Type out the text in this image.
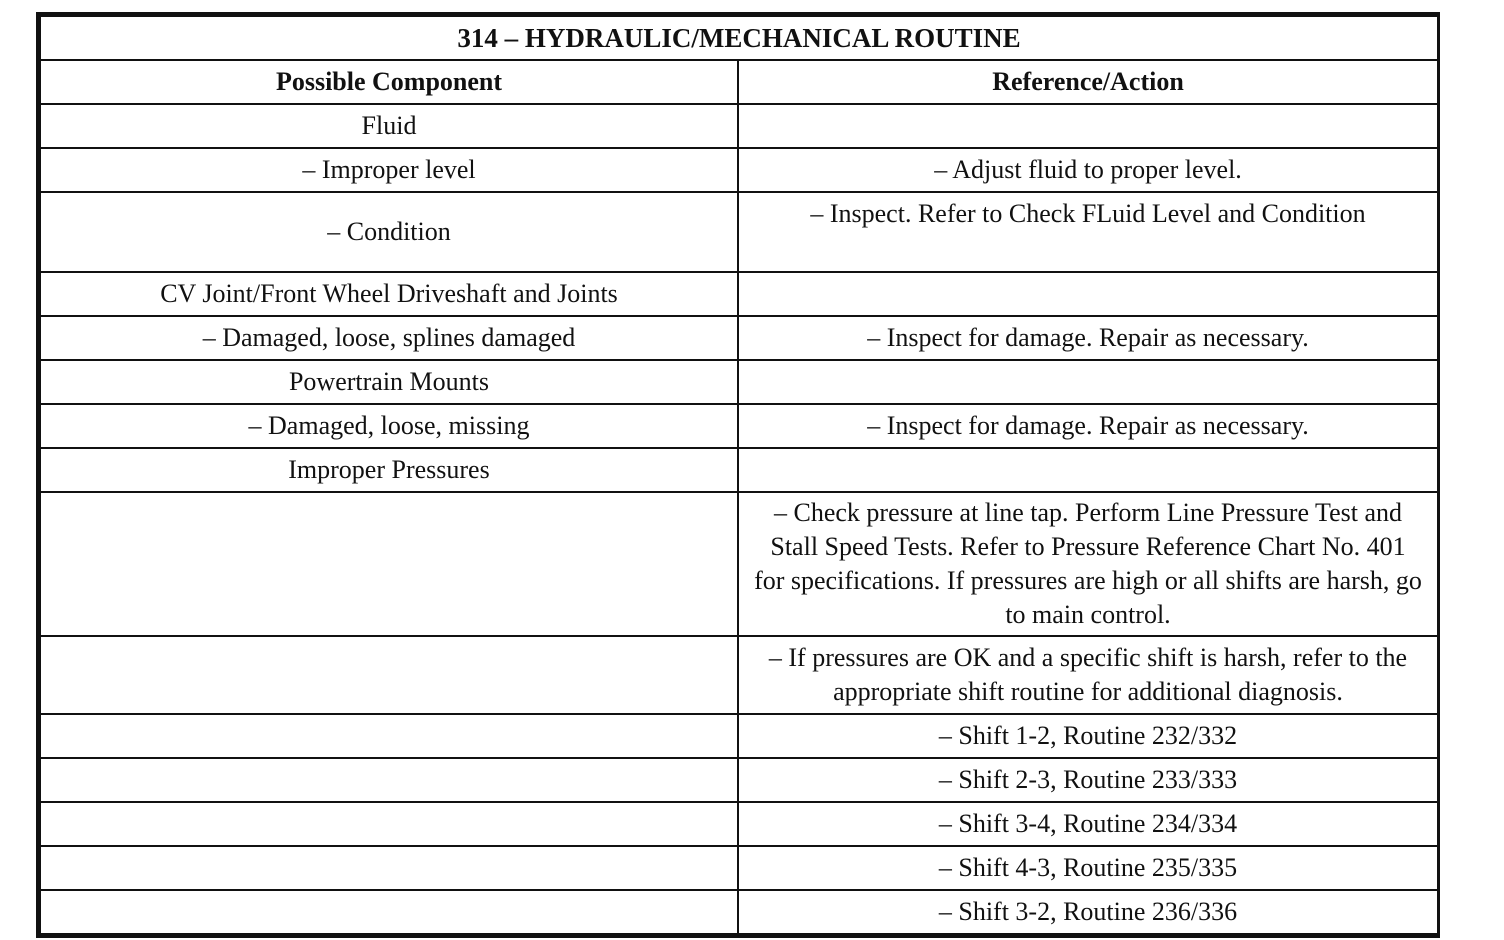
314 – HYDRAULIC/MECHANICAL ROUTINE	
Possible Component	Reference/Action
Fluid	
– Improper level	– Adjust fluid to proper level.
– Condition	– Inspect. Refer to Check FLuid Level and Condition
CV Joint/Front Wheel Driveshaft and Joints	
– Damaged, loose, splines damaged	– Inspect for damage. Repair as necessary.
Powertrain Mounts	
– Damaged, loose, missing	– Inspect for damage. Repair as necessary.
Improper Pressures	
	– Check pressure at line tap. Perform Line Pressure Test and Stall Speed Tests. Refer to Pressure Reference Chart No. 401 for specifications. If pressures are high or all shifts are harsh, go to main control.
	– If pressures are OK and a specific shift is harsh, refer to the appropriate shift routine for additional diagnosis.
	– Shift 1-2, Routine 232/332
	– Shift 2-3, Routine 233/333
	– Shift 3-4, Routine 234/334
	– Shift 4-3, Routine 235/335
	– Shift 3-2, Routine 236/336
